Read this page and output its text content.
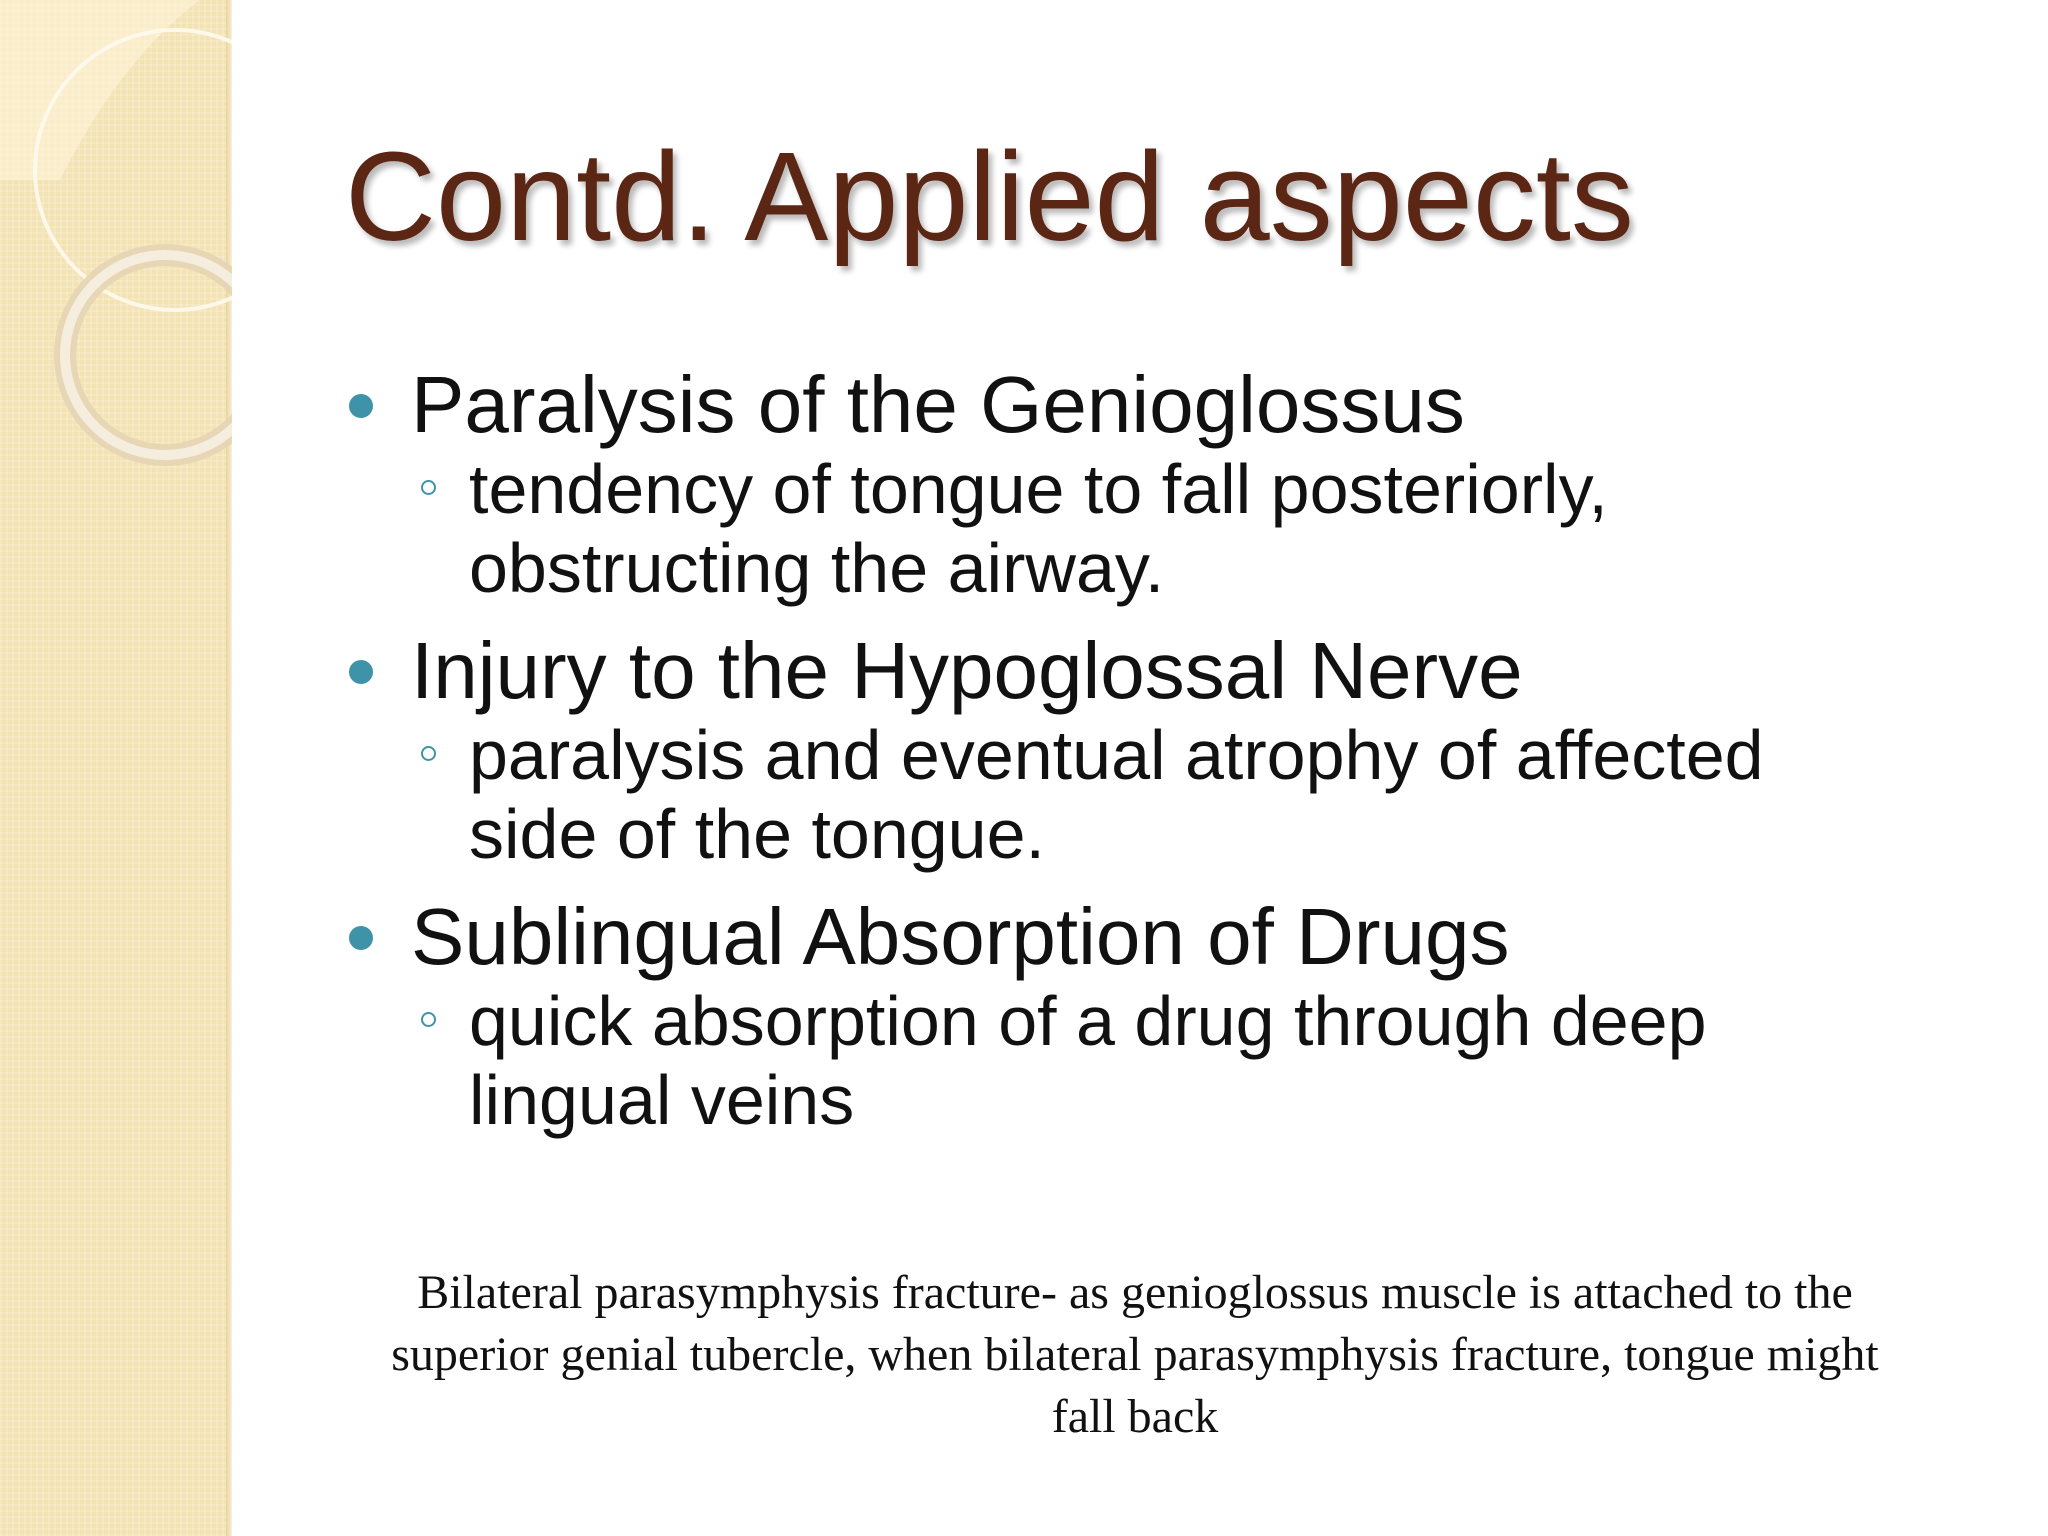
Contd. Applied aspects
Paralysis of the Genioglossus
tendency of tongue to fall posteriorly,
obstructing the airway.
Injury to the Hypoglossal Nerve
paralysis and eventual atrophy of affected
side of the tongue.
Sublingual Absorption of Drugs
quick absorption of a drug through deep
lingual veins
Bilateral parasymphysis fracture- as genioglossus muscle is attached to the
superior genial tubercle, when bilateral parasymphysis fracture, tongue might
fall back
